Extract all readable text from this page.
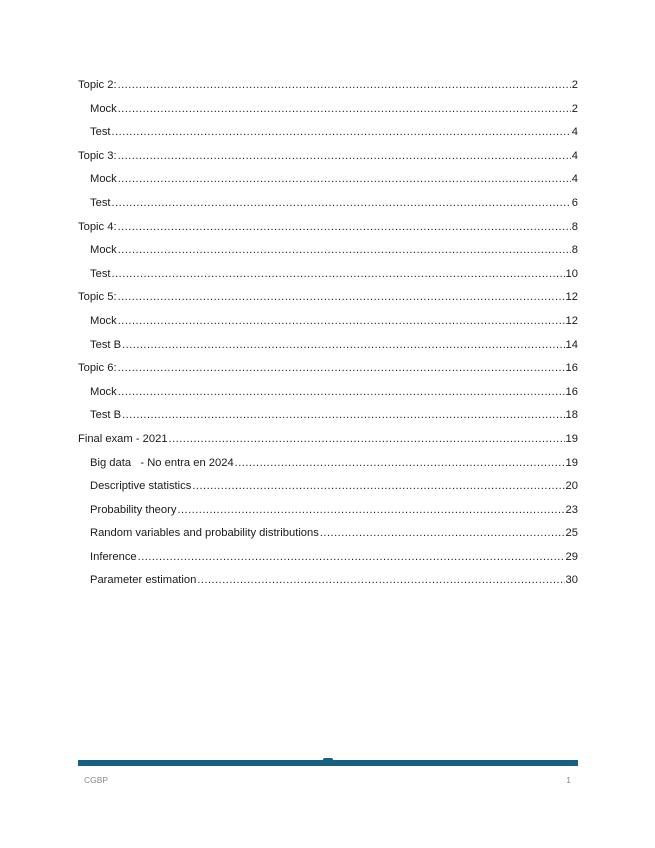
Topic 2: .....	2
Mock .....	2
Test .....	4
Topic 3: .....	4
Mock .....	4
Test .....	6
Topic 4: .....	8
Mock .....	8
Test .....	10
Topic 5: .....	12
Mock .....	12
Test B .....	14
Topic 6: .....	16
Mock .....	16
Test B .....	18
Final exam - 2021 .....	19
Big data   - No entra en 2024 .....	19
Descriptive statistics .....	20
Probability theory .....	23
Random variables and probability distributions .....	25
Inference .....	29
Parameter estimation .....	30
CGBP	1
